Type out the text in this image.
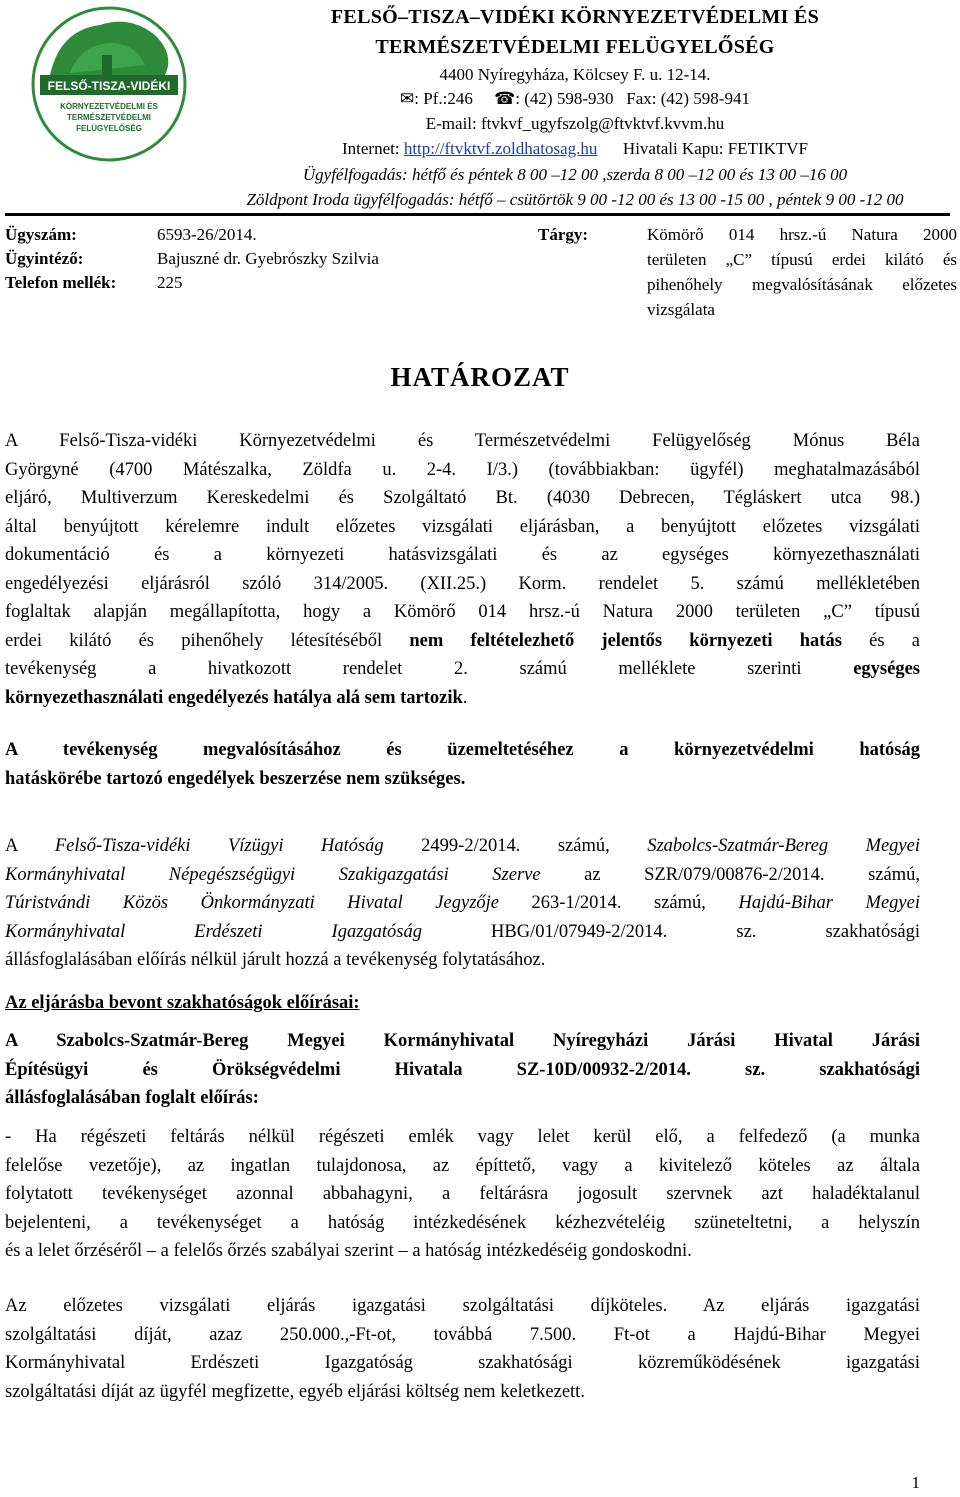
FELSŐ-TISZA-VIDÉKI
KÖRNYEZETVÉDELMI ÉS
TERMÉSZETVÉDELMI
FELÜGYELŐSÉG
FELSŐ–TISZA–VIDÉKI KÖRNYEZETVÉDELMI ÉS
TERMÉSZETVÉDELMI FELÜGYELŐSÉG
4400 Nyíregyháza, Kölcsey F. u. 12-14.
✉: Pf.:246 ☎: (42) 598-930 Fax: (42) 598-941
E-mail: ftvkvf_ugyfszolg@ftvktvf.kvvm.hu
Internet: http://ftvktvf.zoldhatosag.hu Hivatali Kapu: FETIKTVF
Ügyfélfogadás: hétfő és péntek 8 00 –12 00 ,szerda 8 00 –12 00 és 13 00 –16 00
Zöldpont Iroda ügyfélfogadás: hétfő – csütörtök 9 00 -12 00 és 13 00 -15 00 , péntek 9 00 -12 00
Ügyszám:	6593-26/2014.
Ügyintéző:	Bajuszné dr. Gyebrószky Szilvia
Telefon mellék: 225
Tárgy:	Kömörő 014 hrsz.-ú Natura 2000
területen „C” típusú erdei kilátó és
pihenőhely megvalósításának előzetes
vizsgálata
HATÁROZAT
A Felső-Tisza-vidéki Környezetvédelmi és Természetvédelmi Felügyelőség Mónus Béla
Györgyné (4700 Mátészalka, Zöldfa u. 2-4. I/3.) (továbbiakban: ügyfél) meghatalmazásából
eljáró, Multiverzum Kereskedelmi és Szolgáltató Bt. (4030 Debrecen, Tégláskert utca 98.)
által benyújtott kérelemre indult előzetes vizsgálati eljárásban, a benyújtott előzetes vizsgálati
dokumentáció és a környezeti hatásvizsgálati és az egységes környezethasználati
engedélyezési eljárásról szóló 314/2005. (XII.25.) Korm. rendelet 5. számú mellékletében
foglaltak alapján megállapította, hogy a Kömörő 014 hrsz.-ú Natura 2000 területen „C” típusú
erdei kilátó és pihenőhely létesítéséből nem feltételezhető jelentős környezeti hatás és a
tevékenység a hivatkozott rendelet 2. számú melléklete szerinti egységes
környezethasználati engedélyezés hatálya alá sem tartozik.
A tevékenység megvalósításához és üzemeltetéséhez a környezetvédelmi hatóság
hatáskörébe tartozó engedélyek beszerzése nem szükséges.
A Felső-Tisza-vidéki Vízügyi Hatóság 2499-2/2014. számú, Szabolcs-Szatmár-Bereg Megyei
Kormányhivatal Népegészségügyi Szakigazgatási Szerve az SZR/079/00876-2/2014. számú,
Túristvándi Közös Önkormányzati Hivatal Jegyzője 263-1/2014. számú, Hajdú-Bihar Megyei
Kormányhivatal Erdészeti Igazgatóság HBG/01/07949-2/2014. sz. szakhatósági
állásfoglalásában előírás nélkül járult hozzá a tevékenység folytatásához.
Az eljárásba bevont szakhatóságok előírásai:
A Szabolcs-Szatmár-Bereg Megyei Kormányhivatal Nyíregyházi Járási Hivatal Járási
Építésügyi és Örökségvédelmi Hivatala SZ-10D/00932-2/2014. sz. szakhatósági
állásfoglalásában foglalt előírás:
- Ha régészeti feltárás nélkül régészeti emlék vagy lelet kerül elő, a felfedező (a munka
felelőse vezetője), az ingatlan tulajdonosa, az építtető, vagy a kivitelező köteles az általa
folytatott tevékenységet azonnal abbahagyni, a feltárásra jogosult szervnek azt haladéktalanul
bejelenteni, a tevékenységet a hatóság intézkedésének kézhezvételéig szüneteltetni, a helyszín
és a lelet őrzéséről – a felelős őrzés szabályai szerint – a hatóság intézkedéséig gondoskodni.
Az előzetes vizsgálati eljárás igazgatási szolgáltatási díjköteles. Az eljárás igazgatási
szolgáltatási díját, azaz 250.000.,-Ft-ot, továbbá 7.500. Ft-ot a Hajdú-Bihar Megyei
Kormányhivatal Erdészeti Igazgatóság szakhatósági közreműködésének igazgatási
szolgáltatási díját az ügyfél megfizette, egyéb eljárási költség nem keletkezett.
1
